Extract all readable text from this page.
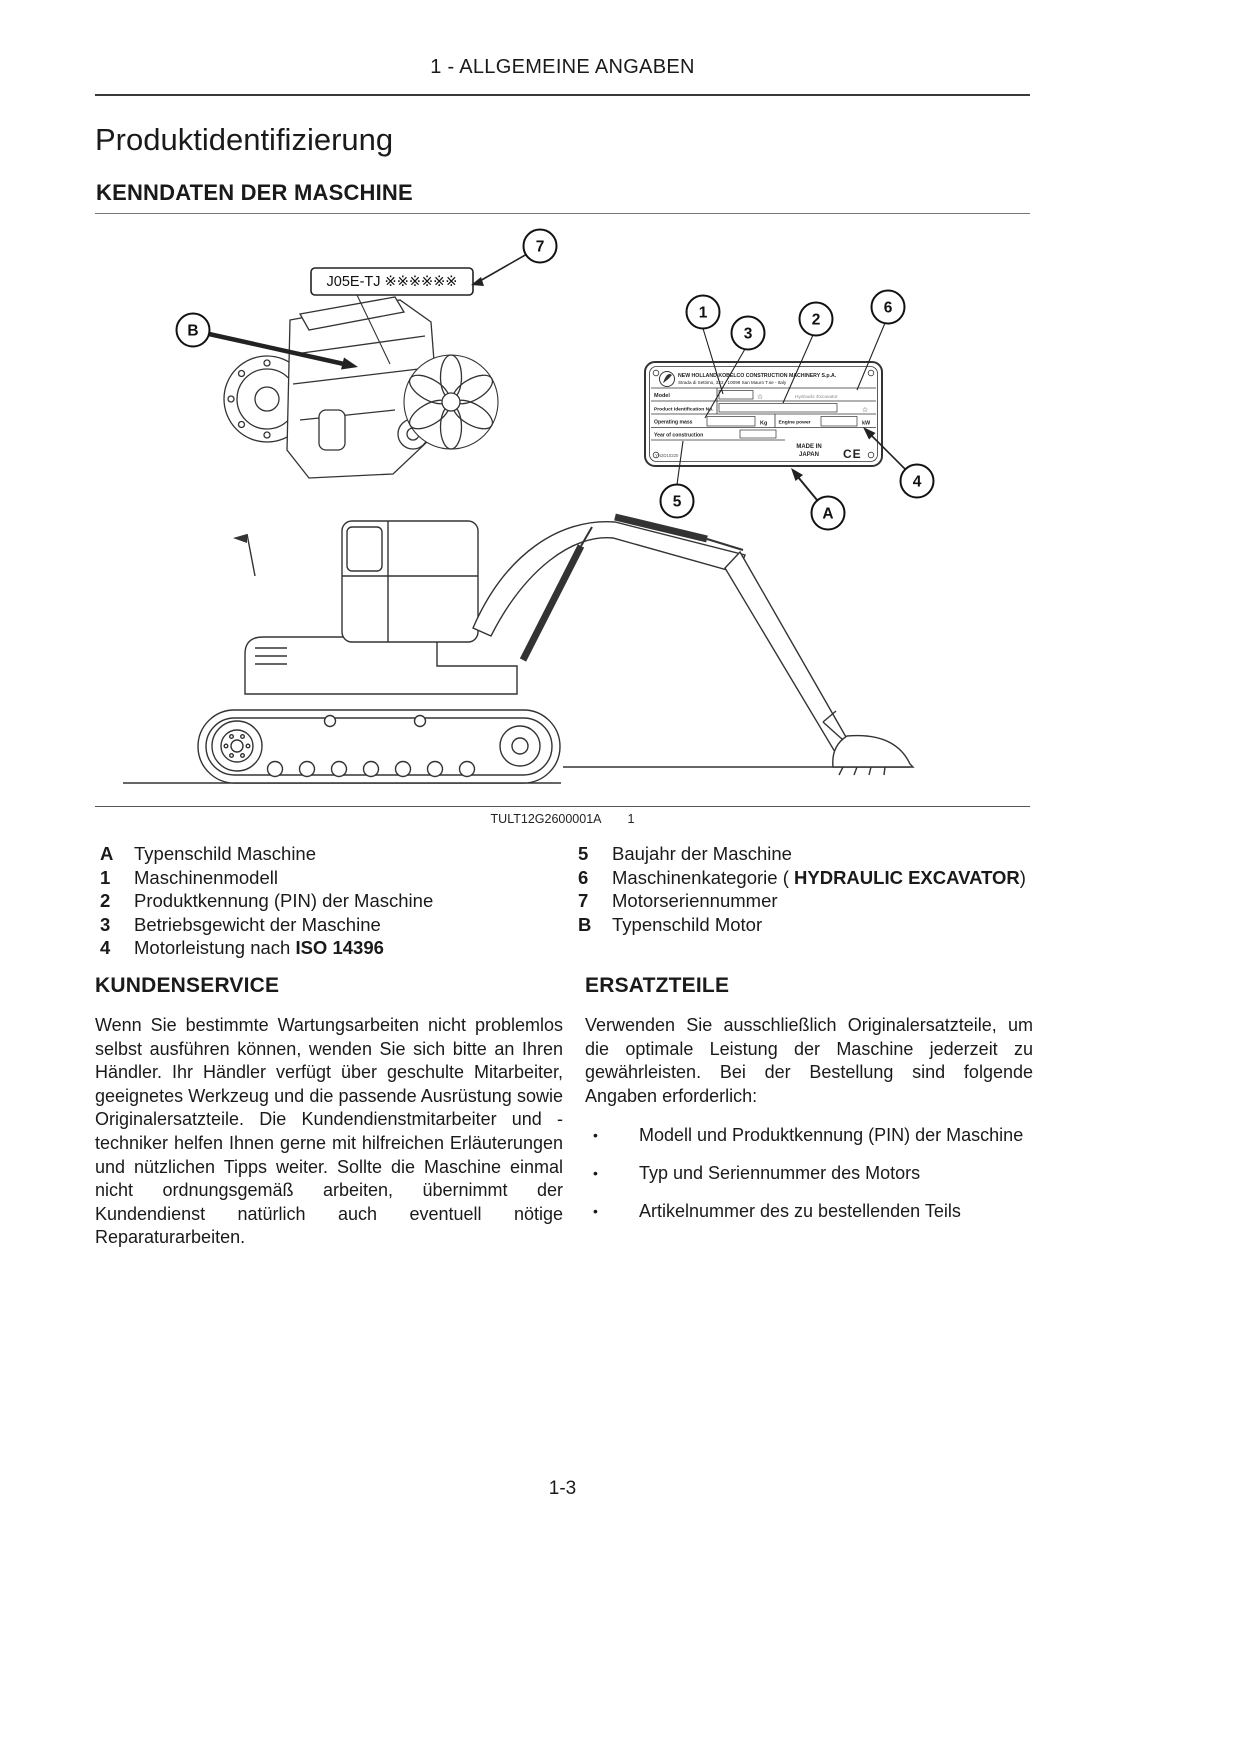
1 - ALLGEMEINE ANGABEN
Produktidentifizierung
KENNDATEN DER MASCHINE
J05E-TJ ※※※※※※
NEW HOLLAND KOBELCO CONSTRUCTION MACHINERY S.p.A.
Strada di Settimo, 323 - 10099 San Mauro T.se - Italy
Model	Hydraulic Excavator
☆
Product Identification No.	☆
Operating mass	Kg Engine power	kW
Year of construction
MADE IN
JAPAN CE
YN2D10220
7
B
1
3
2
6
5
A
4
TULT12G2600001A 1
A	Typenschild Maschine
1	Maschinenmodell
2	Produktkennung (PIN) der Maschine
3	Betriebsgewicht der Maschine
4	Motorleistung nach ISO 14396
5	Baujahr der Maschine
6	Maschinenkategorie ( HYDRAULIC EXCAVATOR)
7	Motorseriennummer
B	Typenschild Motor
KUNDENSERVICE

Wenn Sie bestimmte Wartungsarbeiten nicht problemlos selbst ausführen können, wenden Sie sich bitte an Ihren Händler. Ihr Händler verfügt über geschulte Mitarbeiter, geeignetes Werkzeug und die passende Ausrüstung sowie Originalersatzteile. Die Kundendienstmitarbeiter und -techniker helfen Ihnen gerne mit hilfreichen Erläuterungen und nützlichen Tipps weiter. Sollte die Maschine einmal nicht ordnungsgemäß arbeiten, übernimmt der Kundendienst natürlich auch eventuell nötige Reparaturarbeiten.

ERSATZTEILE

Verwenden Sie ausschließlich Originalersatzteile, um die optimale Leistung der Maschine jederzeit zu gewährleisten. Bei der Bestellung sind folgende Angaben erforderlich:

•	Modell und Produktkennung (PIN) der Maschine
•	Typ und Seriennummer des Motors
•	Artikelnummer des zu bestellenden Teils
1-3
